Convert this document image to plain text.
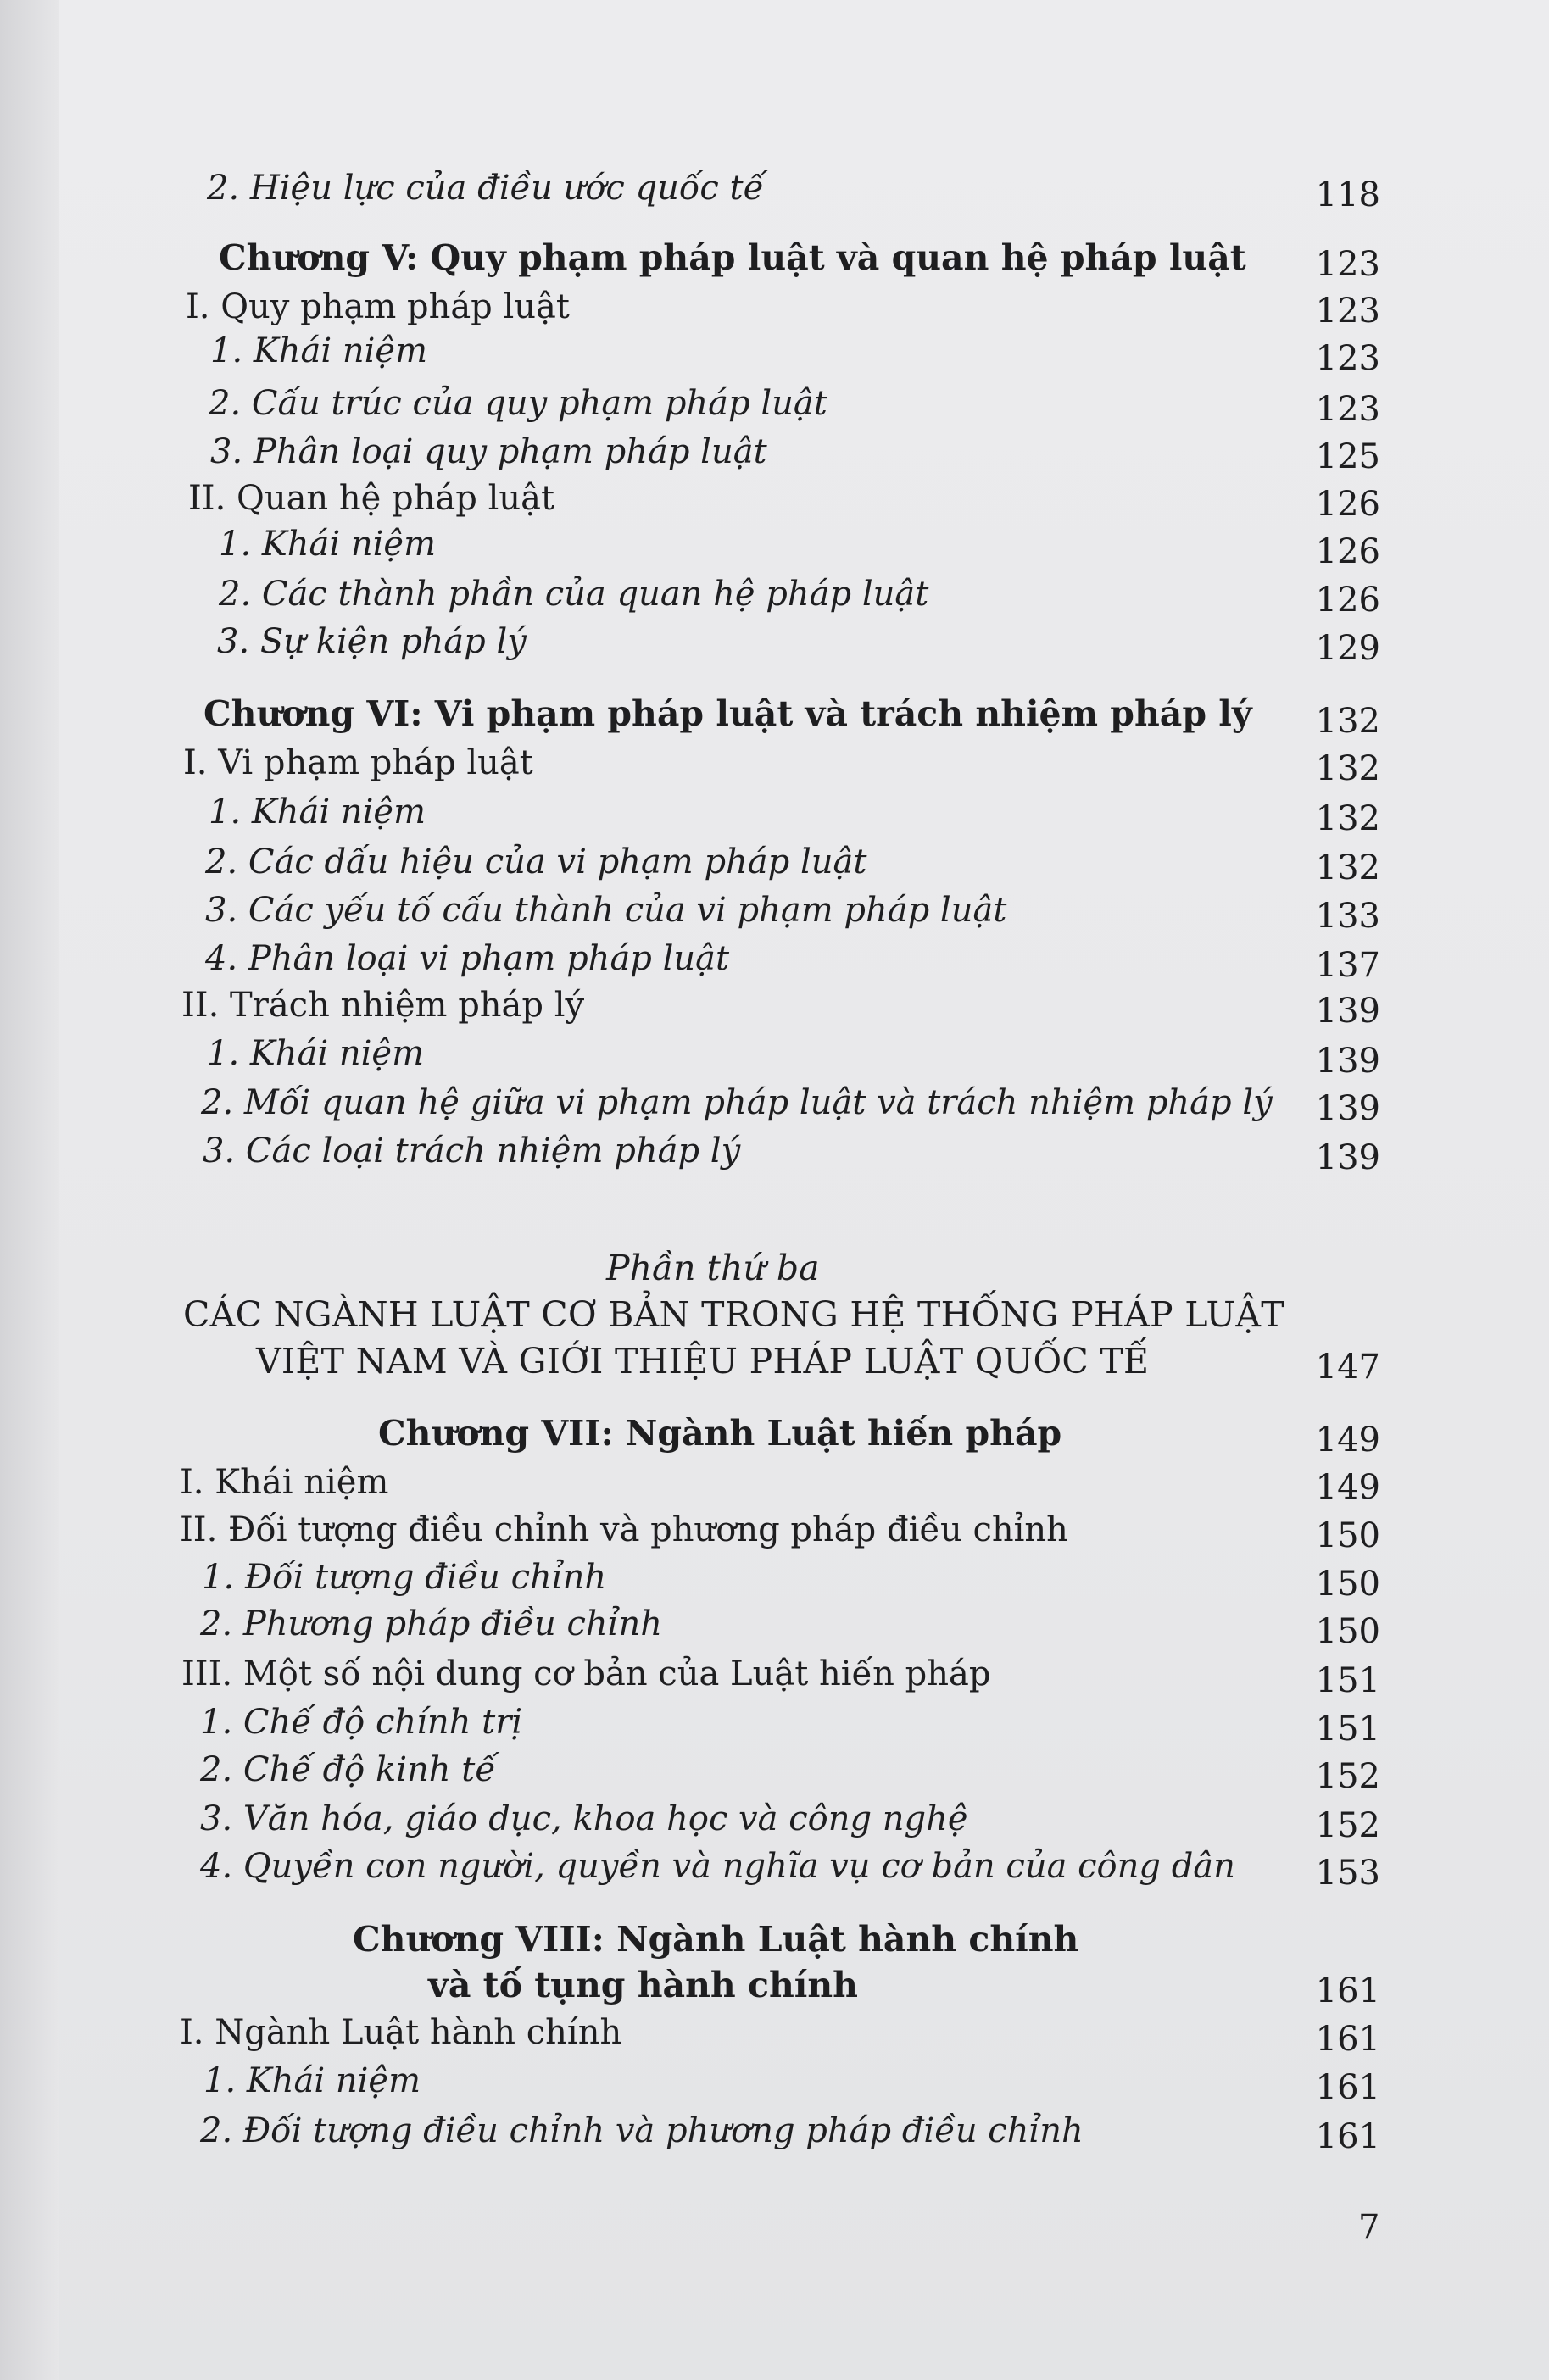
2. Hiệu lực của điều ước quốc tế	118
Chương V: Quy phạm pháp luật và quan hệ pháp luật 123
I. Quy phạm pháp luật	123
1. Khái niệm	123
2. Cấu trúc của quy phạm pháp luật	123
3. Phân loại quy phạm pháp luật	125
II. Quan hệ pháp luật	126
1. Khái niệm	126
2. Các thành phần của quan hệ pháp luật	126
3. Sự kiện pháp lý	129
Chương VI: Vi phạm pháp luật và trách nhiệm pháp lý 132
I. Vi phạm pháp luật	132
1. Khái niệm	132
2. Các dấu hiệu của vi phạm pháp luật	132
3. Các yếu tố cấu thành của vi phạm pháp luật	133
4. Phân loại vi phạm pháp luật	137
II. Trách nhiệm pháp lý	139
1. Khái niệm	139
2. Mối quan hệ giữa vi phạm pháp luật và trách nhiệm pháp lý 139
3. Các loại trách nhiệm pháp lý	139
Phần thứ ba
CÁC NGÀNH LUẬT CƠ BẢN TRONG HỆ THỐNG PHÁP LUẬT
VIỆT NAM VÀ GIỚI THIỆU PHÁP LUẬT QUỐC TẾ	147
Chương VII: Ngành Luật hiến pháp	149
I. Khái niệm	149
II. Đối tượng điều chỉnh và phương pháp điều chỉnh	150
1. Đối tượng điều chỉnh	150
2. Phương pháp điều chỉnh	150
III. Một số nội dung cơ bản của Luật hiến pháp	151
1. Chế độ chính trị	151
2. Chế độ kinh tế	152
3. Văn hóa, giáo dục, khoa học và công nghệ	152
4. Quyền con người, quyền và nghĩa vụ cơ bản của công dân 153
Chương VIII: Ngành Luật hành chính
và tố tụng hành chính	161
I. Ngành Luật hành chính	161
1. Khái niệm	161
2. Đối tượng điều chỉnh và phương pháp điều chỉnh	161
7
